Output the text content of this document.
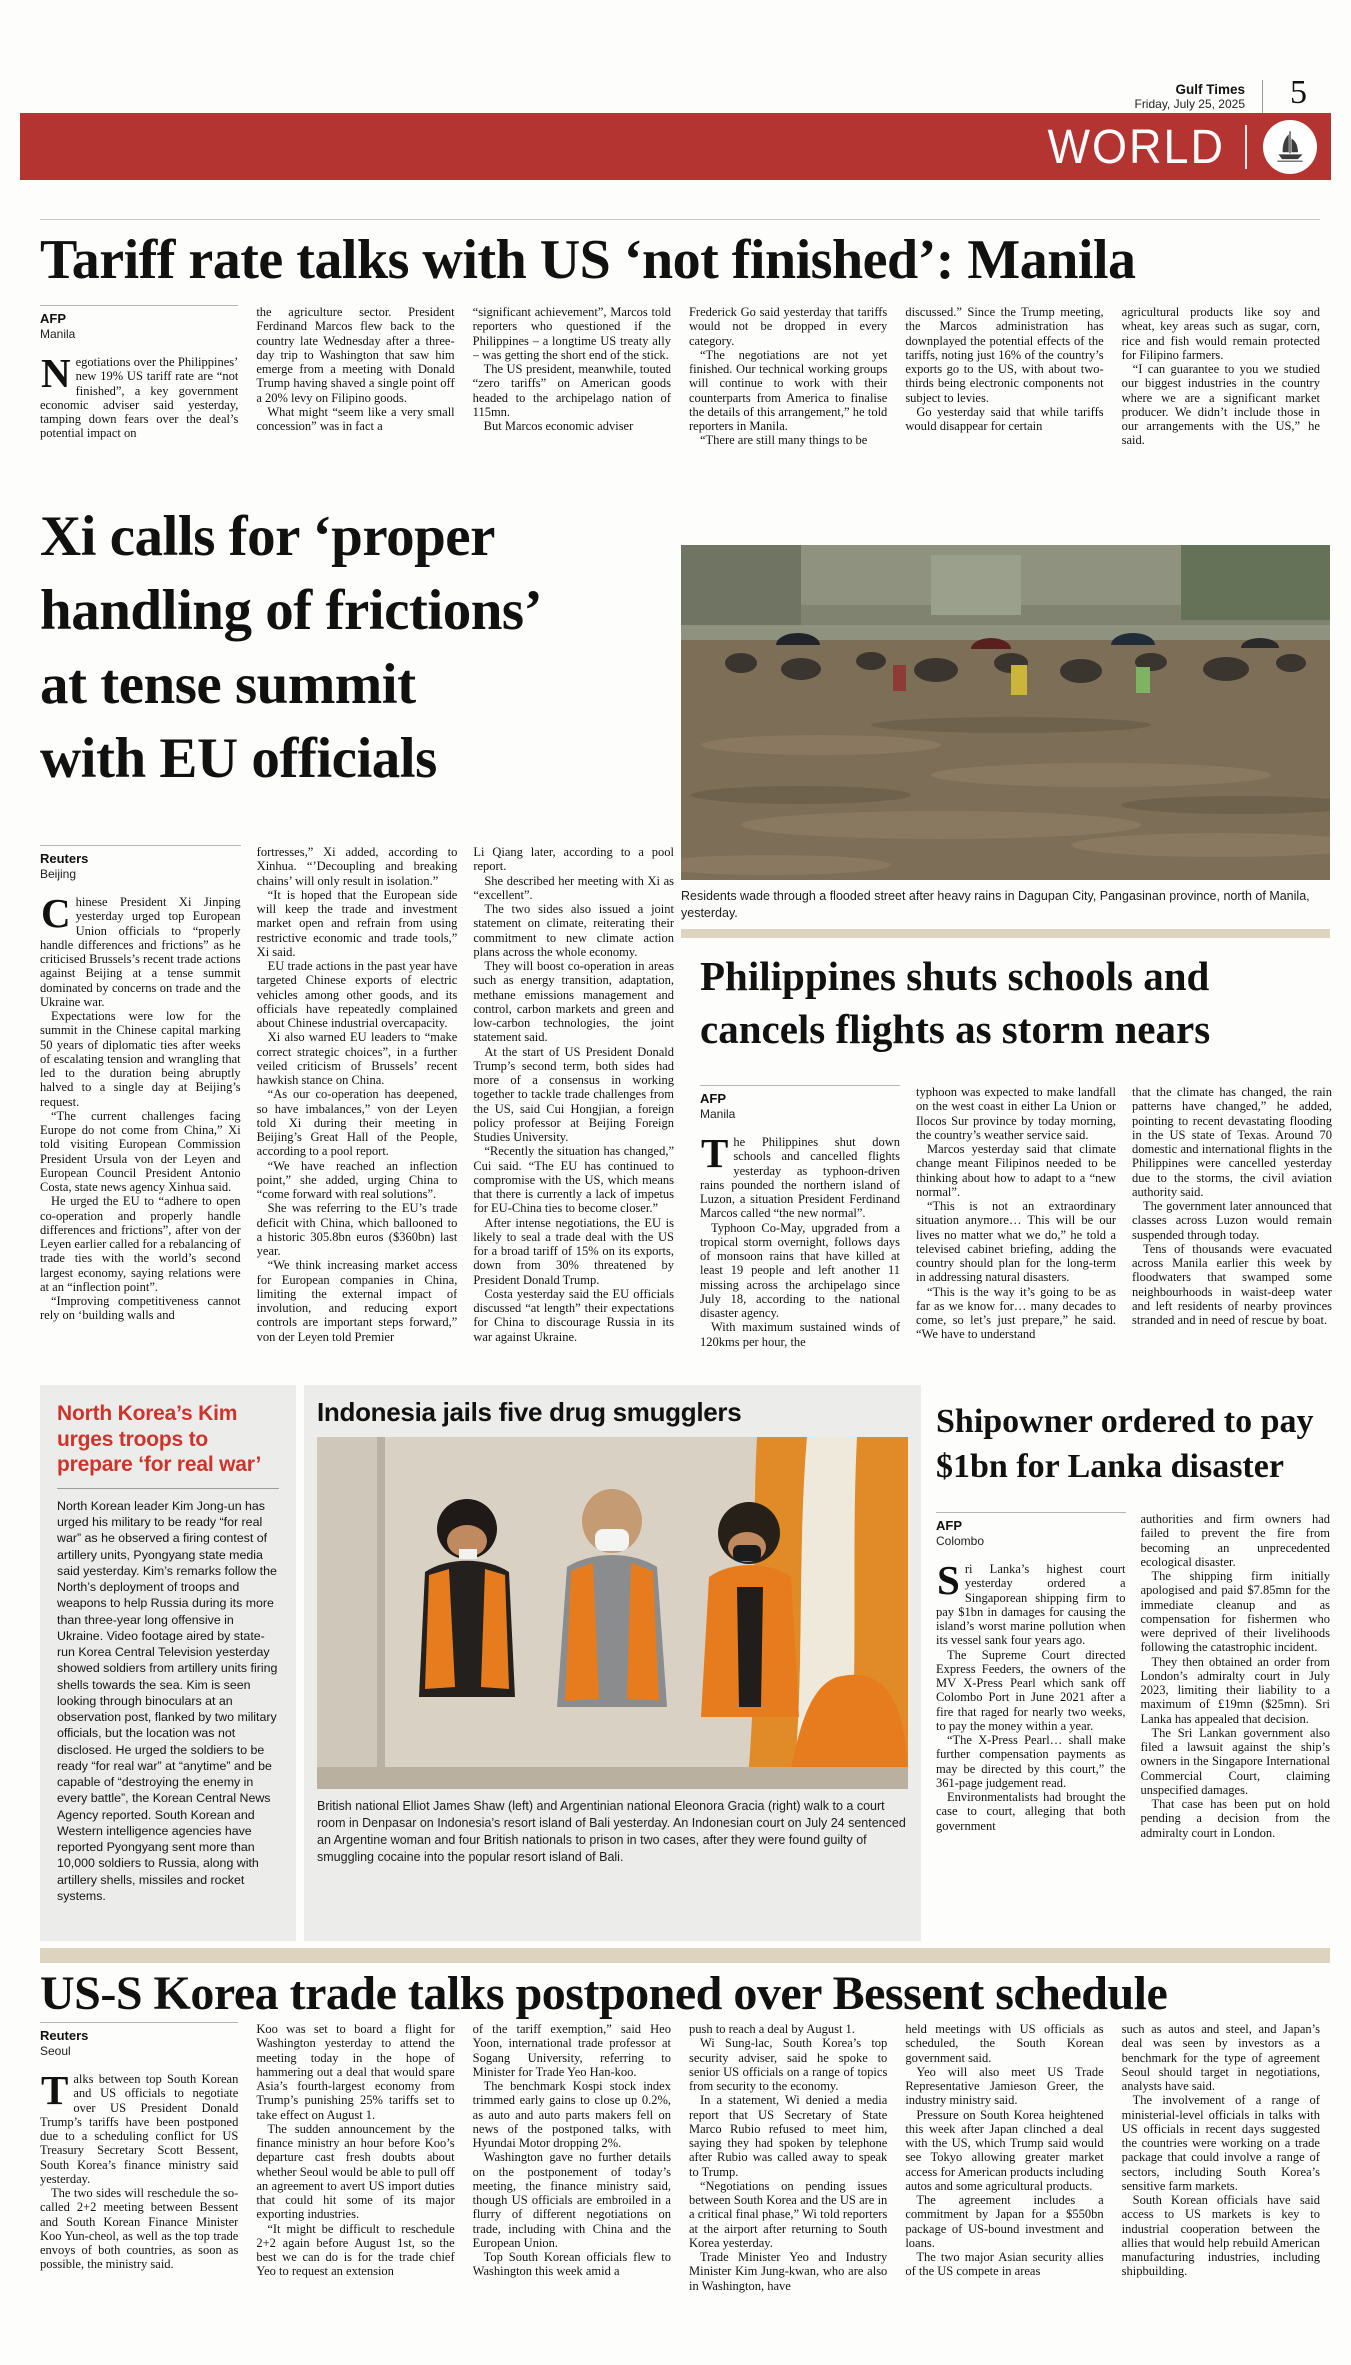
Gulf Times
Friday, July 25, 2025 5
WORLD
Tariff rate talks with US ‘not finished’: Manila
AFP
Manila

Negotiations over the Philippines’ new 19% US tariff rate are “not finished”, a key government economic adviser said yesterday, tamping down fears over the deal’s potential impact on

the agriculture sector. President Ferdinand Marcos flew back to the country late Wednesday after a three-day trip to Washington that saw him emerge from a meeting with Donald Trump having shaved a single point off a 20% levy on Filipino goods.

What might “seem like a very small concession” was in fact a

“significant achievement”, Marcos told reporters who questioned if the Philippines – a longtime US treaty ally – was getting the short end of the stick.

The US president, meanwhile, touted “zero tariffs” on American goods headed to the archipelago nation of 115mn.

But Marcos economic adviser

Frederick Go said yesterday that tariffs would not be dropped in every category.

“The negotiations are not yet finished. Our technical working groups will continue to work with their counterparts from America to finalise the details of this arrangement,” he told reporters in Manila.

“There are still many things to be

discussed.” Since the Trump meeting, the Marcos administration has downplayed the potential effects of the tariffs, noting just 16% of the country’s exports go to the US, with about two-thirds being electronic components not subject to levies.

Go yesterday said that while tariffs would disappear for certain

agricultural products like soy and wheat, key areas such as sugar, corn, rice and fish would remain protected for Filipino farmers.

“I can guarantee to you we studied our biggest industries in the country where we are a significant market producer. We didn’t include those in our arrangements with the US,” he said.

Xi calls for ‘proper

handling of frictions’

at tense summit

with EU officials

Reuters
Beijing

Chinese President Xi Jinping yesterday urged top European Union officials to “properly handle differences and frictions” as he criticised Brussels’s recent trade actions against Beijing at a tense summit dominated by concerns on trade and the Ukraine war.

Expectations were low for the summit in the Chinese capital marking 50 years of diplomatic ties after weeks of escalating tension and wrangling that led to the duration being abruptly halved to a single day at Beijing’s request.

“The current challenges facing Europe do not come from China,” Xi told visiting European Commission President Ursula von der Leyen and European Council President Antonio Costa, state news agency Xinhua said.

He urged the EU to “adhere to open co-operation and properly handle differences and frictions”, after von der Leyen earlier called for a rebalancing of trade ties with the world’s second largest economy, saying relations were at an “inflection point”.

“Improving competitiveness cannot rely on ‘building walls and

fortresses,” Xi added, according to Xinhua. “’Decoupling and breaking chains’ will only result in isolation.”

“It is hoped that the European side will keep the trade and investment market open and refrain from using restrictive economic and trade tools,” Xi said.

EU trade actions in the past year have targeted Chinese exports of electric vehicles among other goods, and its officials have repeatedly complained about Chinese industrial overcapacity.

Xi also warned EU leaders to “make correct strategic choices”, in a further veiled criticism of Brussels’ recent hawkish stance on China.

“As our co-operation has deepened, so have imbalances,” von der Leyen told Xi during their meeting in Beijing’s Great Hall of the People, according to a pool report.

“We have reached an inflection point,” she added, urging China to “come forward with real solutions”.

She was referring to the EU’s trade deficit with China, which ballooned to a historic 305.8bn euros ($360bn) last year.

“We think increasing market access for European companies in China, limiting the external impact of involution, and reducing export controls are important steps forward,” von der Leyen told Premier

Li Qiang later, according to a pool report.

She described her meeting with Xi as “excellent”.

The two sides also issued a joint statement on climate, reiterating their commitment to new climate action plans across the whole economy.

They will boost co-operation in areas such as energy transition, adaptation, methane emissions management and control, carbon markets and green and low-carbon technologies, the joint statement said.

At the start of US President Donald Trump’s second term, both sides had more of a consensus in working together to tackle trade challenges from the US, said Cui Hongjian, a foreign policy professor at Beijing Foreign Studies University.

“Recently the situation has changed,” Cui said. “The EU has continued to compromise with the US, which means that there is currently a lack of impetus for EU-China ties to become closer.”

After intense negotiations, the EU is likely to seal a trade deal with the US for a broad tariff of 15% on its exports, down from 30% threatened by President Donald Trump.

Costa yesterday said the EU officials discussed “at length” their expectations for China to discourage Russia in its war against Ukraine.

Residents wade through a flooded street after heavy rains in Dagupan City, Pangasinan province, north of Manila, yesterday.

Philippines shuts schools and

cancels flights as storm nears

AFP
Manila

The Philippines shut down schools and cancelled flights yesterday as typhoon-driven rains pounded the northern island of Luzon, a situation President Ferdinand Marcos called “the new normal”.

Typhoon Co-May, upgraded from a tropical storm overnight, follows days of monsoon rains that have killed at least 19 people and left another 11 missing across the archipelago since July 18, according to the national disaster agency.

With maximum sustained winds of 120kms per hour, the

typhoon was expected to make landfall on the west coast in either La Union or Ilocos Sur province by today morning, the country’s weather service said.

Marcos yesterday said that climate change meant Filipinos needed to be thinking about how to adapt to a “new normal”.

“This is not an extraordinary situation anymore… This will be our lives no matter what we do,” he told a televised cabinet briefing, adding the country should plan for the long-term in addressing natural disasters.

“This is the way it’s going to be as far as we know for… many decades to come, so let’s just prepare,” he said. “We have to understand

that the climate has changed, the rain patterns have changed,” he added, pointing to recent devastating flooding in the US state of Texas. Around 70 domestic and international flights in the Philippines were cancelled yesterday due to the storms, the civil aviation authority said.

The government later announced that classes across Luzon would remain suspended through today.

Tens of thousands were evacuated across Manila earlier this week by floodwaters that swamped some neighbourhoods in waist-deep water and left residents of nearby provinces stranded and in need of rescue by boat.

North Korea’s Kim

urges troops to

prepare ‘for real war’

North Korean leader Kim Jong-un has urged his military to be ready “for real war” as he observed a firing contest of artillery units, Pyongyang state media said yesterday. Kim’s remarks follow the North’s deployment of troops and weapons to help Russia during its more than three-year long offensive in Ukraine. Video footage aired by state-run Korea Central Television yesterday showed soldiers from artillery units firing shells towards the sea. Kim is seen looking through binoculars at an observation post, flanked by two military officials, but the location was not disclosed. He urged the soldiers to be ready “for real war” at “anytime” and be capable of “destroying the enemy in every battle”, the Korean Central News Agency reported. South Korean and Western intelligence agencies have reported Pyongyang sent more than 10,000 soldiers to Russia, along with artillery shells, missiles and rocket systems.
Indonesia jails five drug smugglers

British national Elliot James Shaw (left) and Argentinian national Eleonora Gracia (right) walk to a court room in Denpasar on Indonesia’s resort island of Bali yesterday. An Indonesian court on July 24 sentenced an Argentine woman and four British nationals to prison in two cases, after they were found guilty of smuggling cocaine into the popular resort island of Bali.

Shipowner ordered to pay

$1bn for Lanka disaster

AFP
Colombo

Sri Lanka’s highest court yesterday ordered a Singaporean shipping firm to pay $1bn in damages for causing the island’s worst marine pollution when its vessel sank four years ago.

The Supreme Court directed Express Feeders, the owners of the MV X-Press Pearl which sank off Colombo Port in June 2021 after a fire that raged for nearly two weeks, to pay the money within a year.

“The X-Press Pearl… shall make further compensation payments as may be directed by this court,” the 361-page judgement read.

Environmentalists had brought the case to court, alleging that both government

authorities and firm owners had failed to prevent the fire from becoming an unprecedented ecological disaster.

The shipping firm initially apologised and paid $7.85mn for the immediate cleanup and as compensation for fishermen who were deprived of their livelihoods following the catastrophic incident.

They then obtained an order from London’s admiralty court in July 2023, limiting their liability to a maximum of £19mn ($25mn). Sri Lanka has appealed that decision.

The Sri Lankan government also filed a lawsuit against the ship’s owners in the Singapore International Commercial Court, claiming unspecified damages.

That case has been put on hold pending a decision from the admiralty court in London.

US-S Korea trade talks postponed over Bessent schedule
Reuters
Seoul

Talks between top South Korean and US officials to negotiate over US President Donald Trump’s tariffs have been postponed due to a scheduling conflict for US Treasury Secretary Scott Bessent, South Korea’s finance ministry said yesterday.

The two sides will reschedule the so-called 2+2 meeting between Bessent and South Korean Finance Minister Koo Yun-cheol, as well as the top trade envoys of both countries, as soon as possible, the ministry said.

Koo was set to board a flight for Washington yesterday to attend the meeting today in the hope of hammering out a deal that would spare Asia’s fourth-largest economy from Trump’s punishing 25% tariffs set to take effect on August 1.

The sudden announcement by the finance ministry an hour before Koo’s departure cast fresh doubts about whether Seoul would be able to pull off an agreement to avert US import duties that could hit some of its major exporting industries.

“It might be difficult to reschedule 2+2 again before August 1st, so the best we can do is for the trade chief Yeo to request an extension

of the tariff exemption,” said Heo Yoon, international trade professor at Sogang University, referring to Minister for Trade Yeo Han-koo.

The benchmark Kospi stock index trimmed early gains to close up 0.2%, as auto and auto parts makers fell on news of the postponed talks, with Hyundai Motor dropping 2%.

Washington gave no further details on the postponement of today’s meeting, the finance ministry said, though US officials are embroiled in a flurry of different negotiations on trade, including with China and the European Union.

Top South Korean officials flew to Washington this week amid a

push to reach a deal by August 1.

Wi Sung-lac, South Korea’s top security adviser, said he spoke to senior US officials on a range of topics from security to the economy.

In a statement, Wi denied a media report that US Secretary of State Marco Rubio refused to meet him, saying they had spoken by telephone after Rubio was called away to speak to Trump.

“Negotiations on pending issues between South Korea and the US are in a critical final phase,” Wi told reporters at the airport after returning to South Korea yesterday.

Trade Minister Yeo and Industry Minister Kim Jung-kwan, who are also in Washington, have

held meetings with US officials as scheduled, the South Korean government said.

Yeo will also meet US Trade Representative Jamieson Greer, the industry ministry said.

Pressure on South Korea heightened this week after Japan clinched a deal with the US, which Trump said would see Tokyo allowing greater market access for American products including autos and some agricultural products.

The agreement includes a commitment by Japan for a $550bn package of US-bound investment and loans.

The two major Asian security allies of the US compete in areas

such as autos and steel, and Japan’s deal was seen by investors as a benchmark for the type of agreement Seoul should target in negotiations, analysts have said.

The involvement of a range of ministerial-level officials in talks with US officials in recent days suggested the countries were working on a trade package that could involve a range of sectors, including South Korea’s sensitive farm markets.

South Korean officials have said access to US markets is key to industrial cooperation between the allies that would help rebuild American manufacturing industries, including shipbuilding.
